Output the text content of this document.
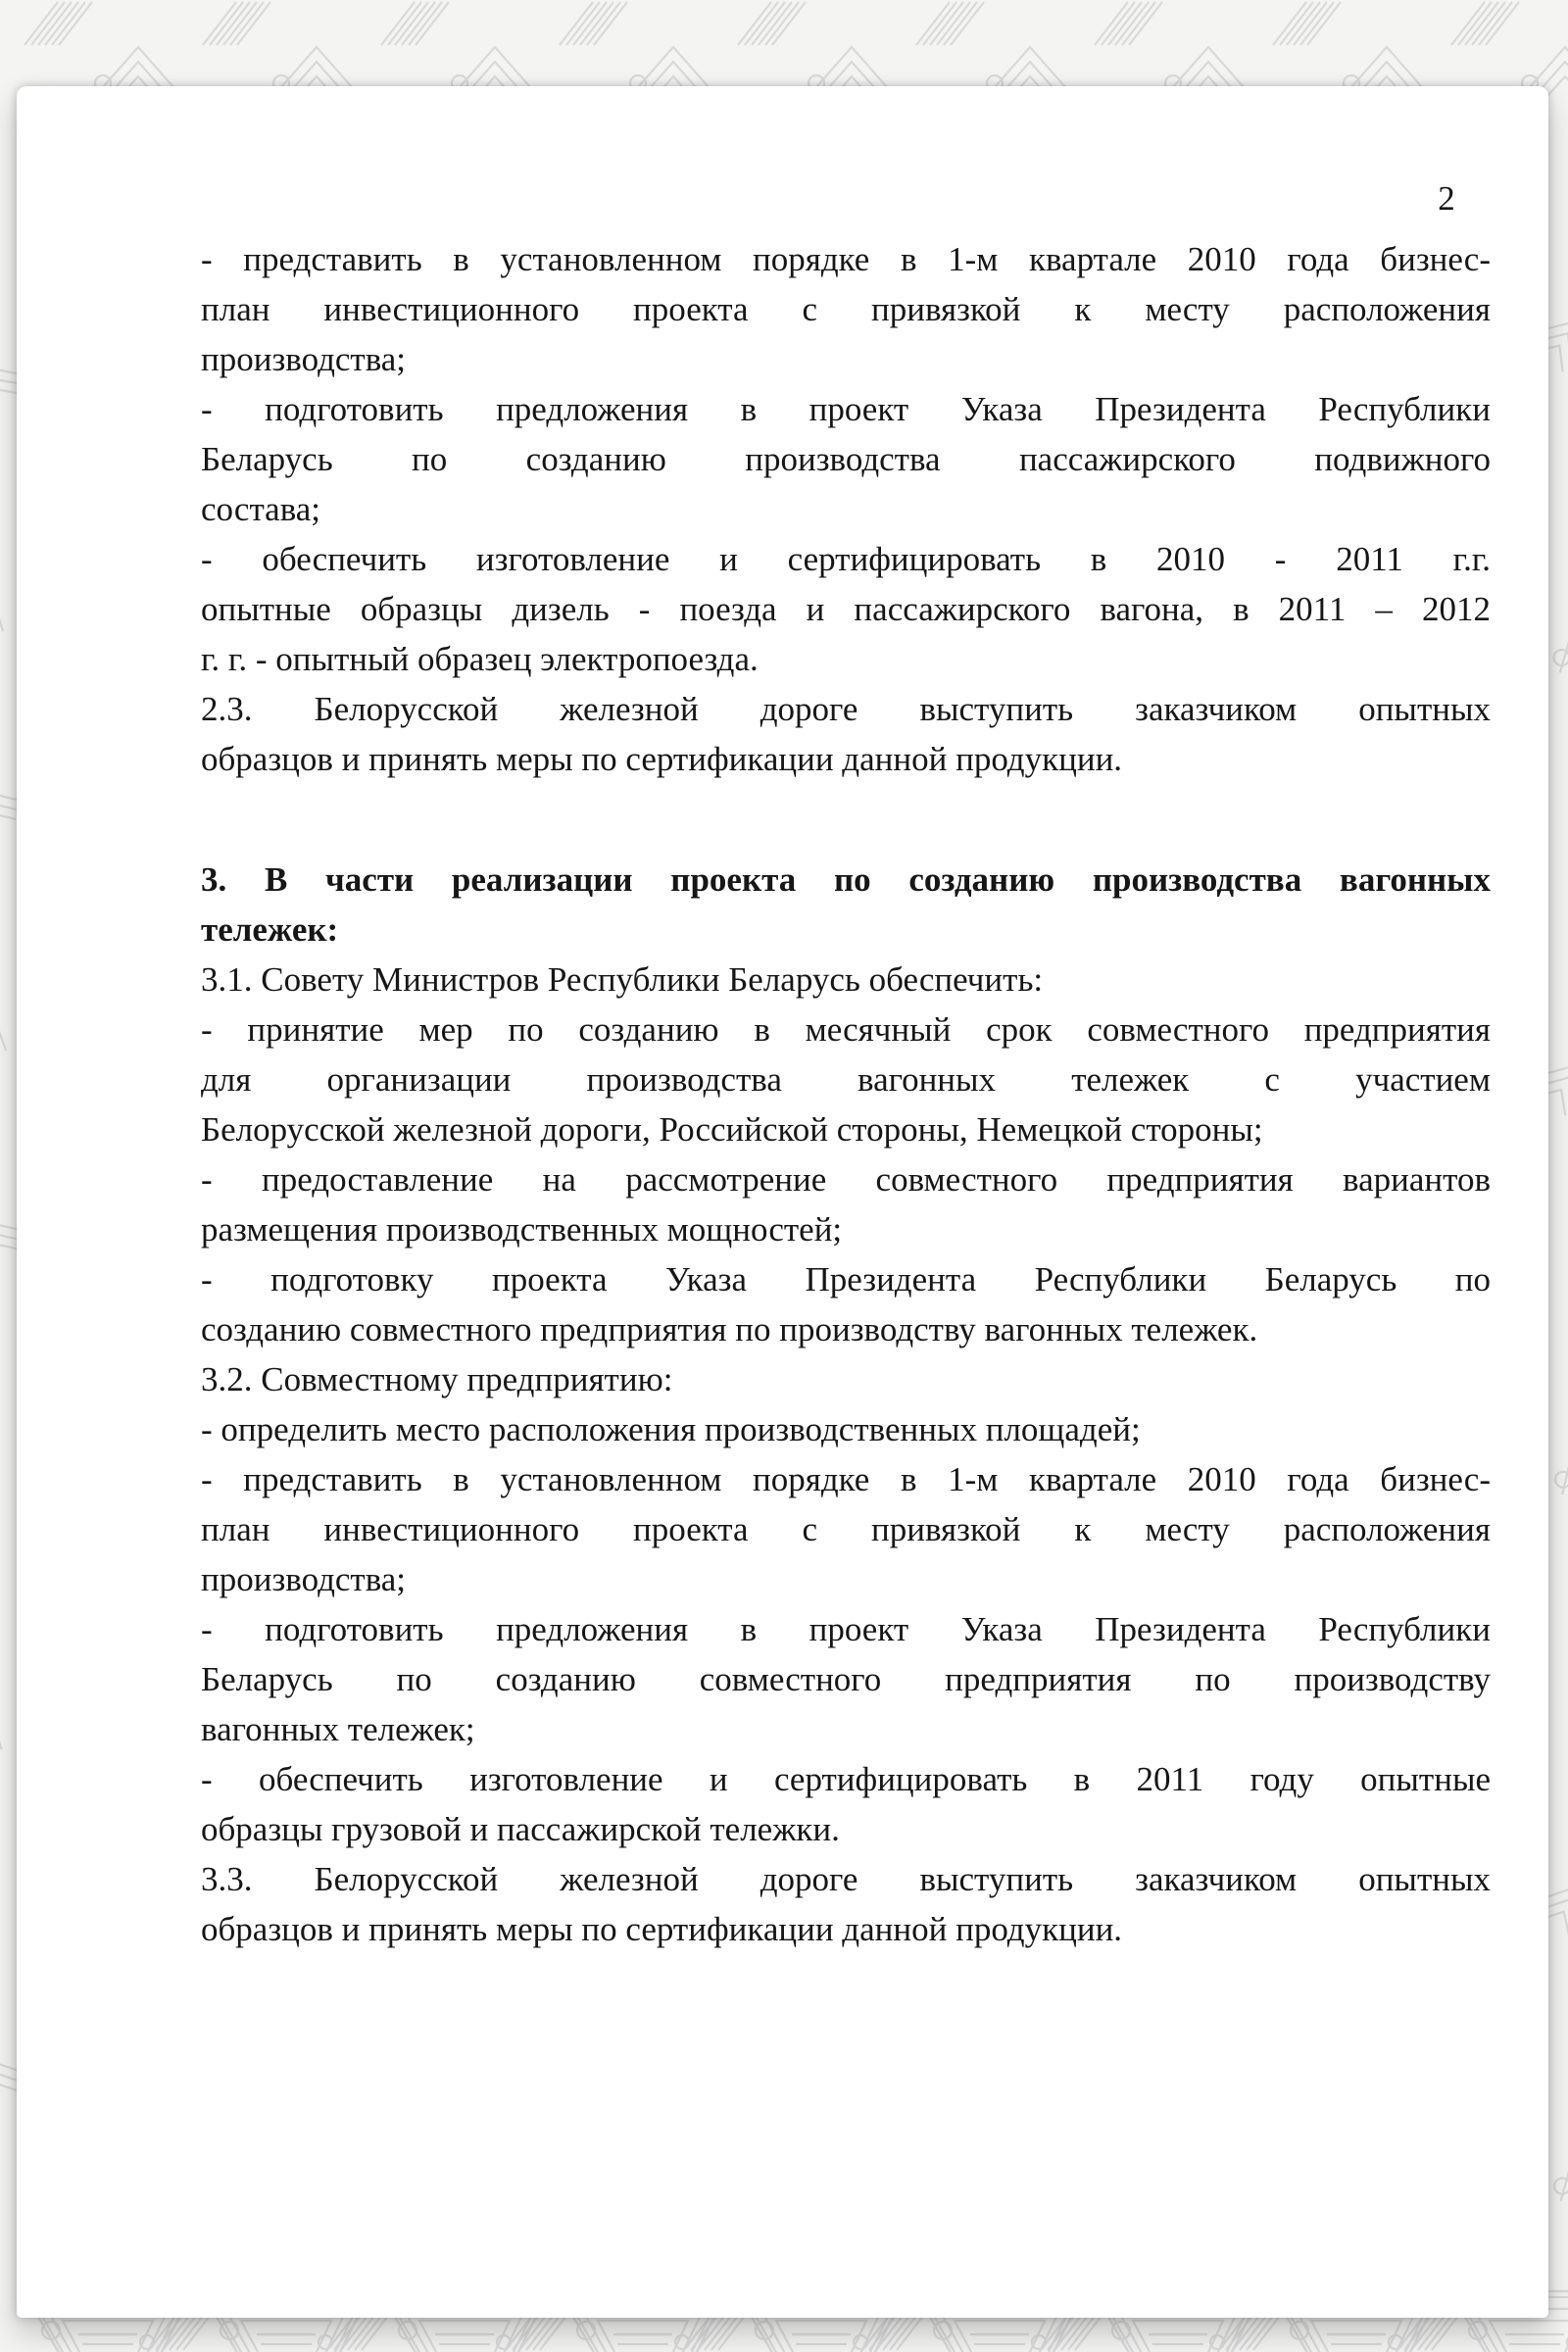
2
- представить в установленном порядке в 1-м квартале 2010 года бизнес-
план инвестиционного проекта с привязкой к месту расположения
производства;
- подготовить предложения в проект Указа Президента Республики
Беларусь по созданию производства пассажирского подвижного
состава;
- обеспечить изготовление и сертифицировать в 2010 - 2011 г.г.
опытные образцы дизель - поезда и пассажирского вагона, в 2011 – 2012
г. г. - опытный образец электропоезда.
2.3. Белорусской железной дороге выступить заказчиком опытных
образцов и принять меры по сертификации данной продукции.
3. В части реализации проекта по созданию производства вагонных
тележек:
3.1. Совету Министров Республики Беларусь обеспечить:
- принятие мер по созданию в месячный срок совместного предприятия
для организации производства вагонных тележек с участием
Белорусской железной дороги, Российской стороны, Немецкой стороны;
- предоставление на рассмотрение совместного предприятия вариантов
размещения производственных мощностей;
- подготовку проекта Указа Президента Республики Беларусь по
созданию совместного предприятия по производству вагонных тележек.
3.2. Совместному предприятию:
- определить место расположения производственных площадей;
- представить в установленном порядке в 1-м квартале 2010 года бизнес-
план инвестиционного проекта с привязкой к месту расположения
производства;
- подготовить предложения в проект Указа Президента Республики
Беларусь по созданию совместного предприятия по производству
вагонных тележек;
- обеспечить изготовление и сертифицировать в 2011 году опытные
образцы грузовой и пассажирской тележки.
3.3. Белорусской железной дороге выступить заказчиком опытных
образцов и принять меры по сертификации данной продукции.
